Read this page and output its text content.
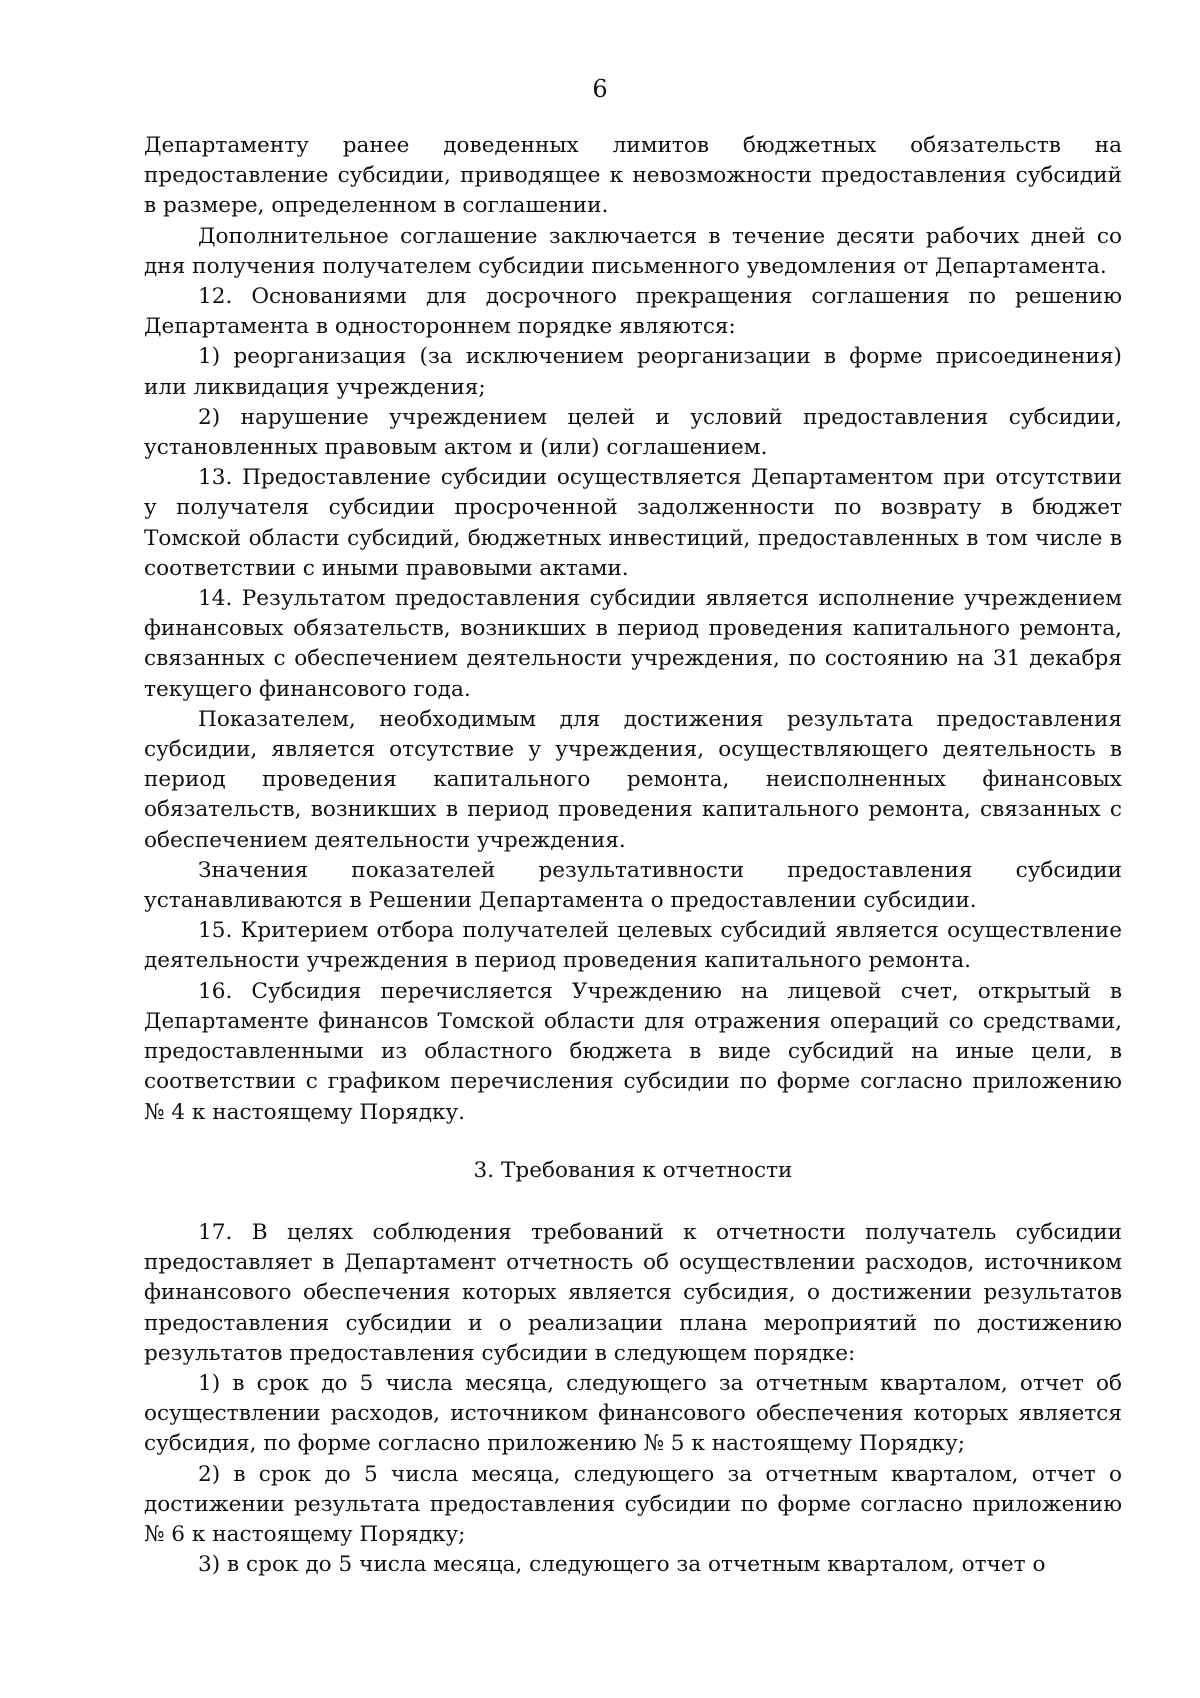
6

Департаменту ранее доведенных лимитов бюджетных обязательств на предоставление субсидии, приводящее к невозможности предоставления субсидий в размере, определенном в соглашении.

Дополнительное соглашение заключается в течение десяти рабочих дней со дня получения получателем субсидии письменного уведомления от Департамента.

12. Основаниями для досрочного прекращения соглашения по решению Департамента в одностороннем порядке являются:

1) реорганизация (за исключением реорганизации в форме присоединения) или ликвидация учреждения;

2) нарушение учреждением целей и условий предоставления субсидии, установленных правовым актом и (или) соглашением.

13. Предоставление субсидии осуществляется Департаментом при отсутствии у получателя субсидии просроченной задолженности по возврату в бюджет Томской области субсидий, бюджетных инвестиций, предоставленных в том числе в соответствии с иными правовыми актами.

14. Результатом предоставления субсидии является исполнение учреждением финансовых обязательств, возникших в период проведения капитального ремонта, связанных с обеспечением деятельности учреждения, по состоянию на 31 декабря текущего финансового года.

Показателем, необходимым для достижения результата предоставления субсидии, является отсутствие у учреждения, осуществляющего деятельность в период проведения капитального ремонта, неисполненных финансовых обязательств, возникших в период проведения капитального ремонта, связанных с обеспечением деятельности учреждения.

Значения показателей результативности предоставления субсидии устанавливаются в Решении Департамента о предоставлении субсидии.

15. Критерием отбора получателей целевых субсидий является осуществление деятельности учреждения в период проведения капитального ремонта.

16. Субсидия перечисляется Учреждению на лицевой счет, открытый в Департаменте финансов Томской области для отражения операций со средствами, предоставленными из областного бюджета в виде субсидий на иные цели, в соответствии с графиком перечисления субсидии по форме согласно приложению № 4 к настоящему Порядку.

3. Требования к отчетности

17. В целях соблюдения требований к отчетности получатель субсидии предоставляет в Департамент отчетность об осуществлении расходов, источником финансового обеспечения которых является субсидия, о достижении результатов предоставления субсидии и о реализации плана мероприятий по достижению результатов предоставления субсидии в следующем порядке:

1) в срок до 5 числа месяца, следующего за отчетным кварталом, отчет об осуществлении расходов, источником финансового обеспечения которых является субсидия, по форме согласно приложению № 5 к настоящему Порядку;

2) в срок до 5 числа месяца, следующего за отчетным кварталом, отчет о достижении результата предоставления субсидии по форме согласно приложению № 6 к настоящему Порядку;

3) в срок до 5 числа месяца, следующего за отчетным кварталом, отчет о
